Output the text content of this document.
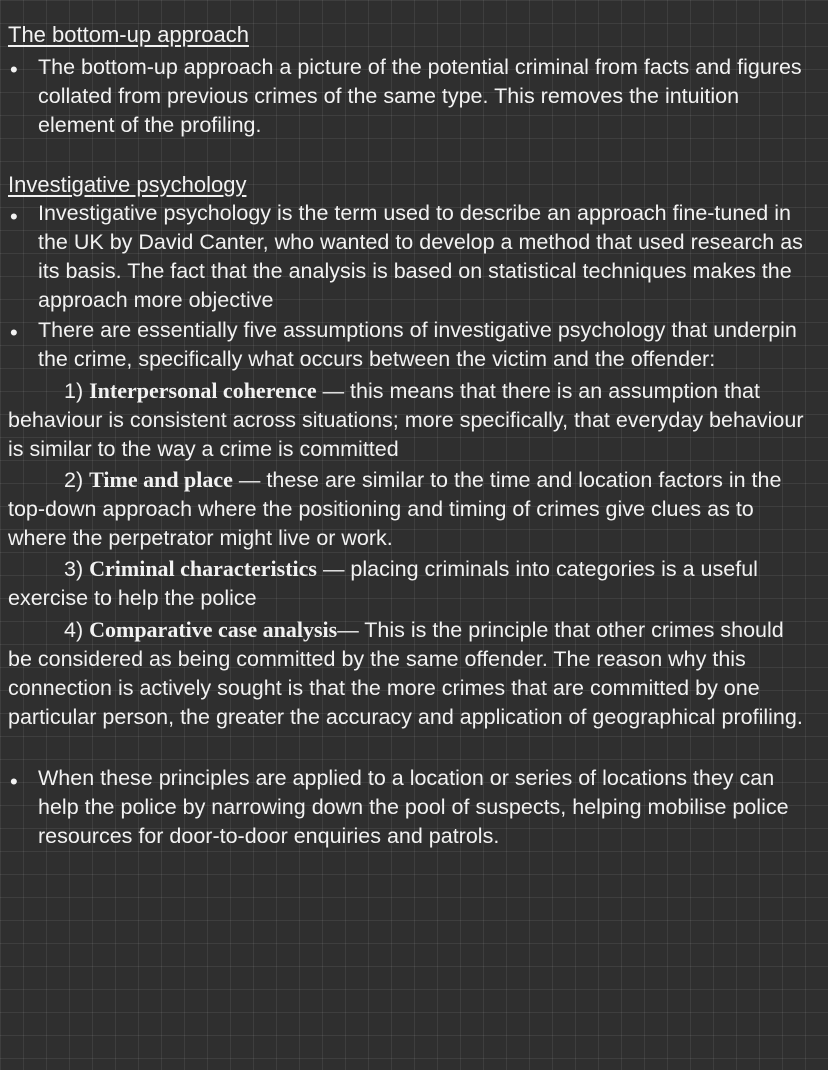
The bottom-up approach
• The bottom-up approach a picture of the potential criminal from facts and figures collated from previous crimes of the same type. This removes the intuition element of the profiling.
Investigative psychology
• Investigative psychology is the term used to describe an approach fine-tuned in the UK by David Canter, who wanted to develop a method that used research as its basis. The fact that the analysis is based on statistical techniques makes the approach more objective
• There are essentially five assumptions of investigative psychology that underpin the crime, specifically what occurs between the victim and the offender:
1) Interpersonal coherence — this means that there is an assumption that behaviour is consistent across situations; more specifically, that everyday behaviour is similar to the way a crime is committed
2) Time and place — these are similar to the time and location factors in the top-down approach where the positioning and timing of crimes give clues as to where the perpetrator might live or work.
3) Criminal characteristics — placing criminals into categories is a useful exercise to help the police
4) Comparative case analysis— This is the principle that other crimes should be considered as being committed by the same offender. The reason why this connection is actively sought is that the more crimes that are committed by one particular person, the greater the accuracy and application of geographical profiling.
• When these principles are applied to a location or series of locations they can help the police by narrowing down the pool of suspects, helping mobilise police resources for door-to-door enquiries and patrols.
